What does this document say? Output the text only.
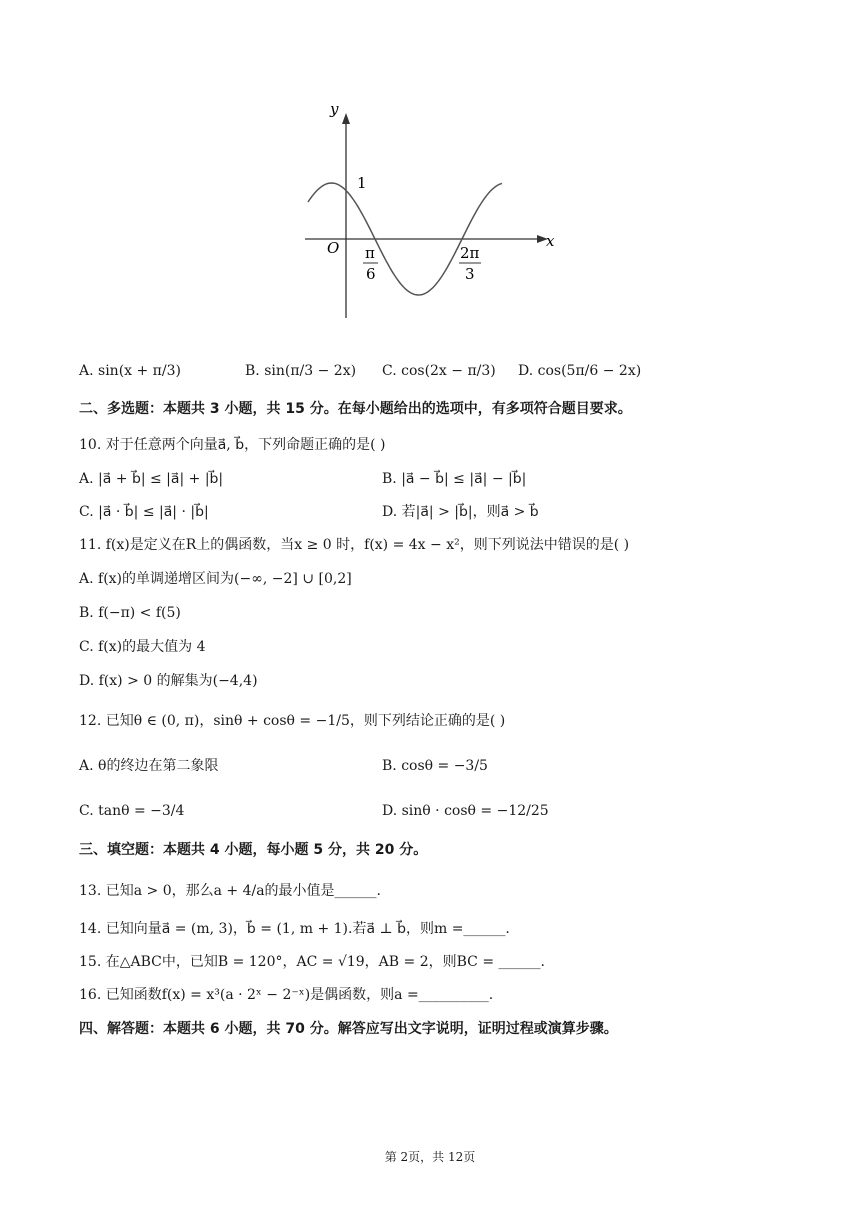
y
x
O
1
π
6
2π
3
A. sin(x + π/3)	B. sin(π/3 − 2x) C. cos(2x − π/3) D. cos(5π/6 − 2x)
二、多选题：本题共 3 小题，共 15 分。在每小题给出的选项中，有多项符合题目要求。
10. 对于任意两个向量a⃗, b⃗，下列命题正确的是( )
A. |a⃗ + b⃗| ≤ |a⃗| + |b⃗|	B. |a⃗ − b⃗| ≤ |a⃗| − |b⃗|
C. |a⃗ · b⃗| ≤ |a⃗| · |b⃗|	D. 若|a⃗| > |b⃗|，则a⃗ > b⃗
11. f(x)是定义在R上的偶函数，当x ≥ 0 时，f(x) = 4x − x²，则下列说法中错误的是( )
A. f(x)的单调递增区间为(−∞, −2] ∪ [0,2]
B. f(−π) < f(5)
C. f(x)的最大值为 4
D. f(x) > 0 的解集为(−4,4)
12. 已知θ ∈ (0, π)，sinθ + cosθ = −1/5，则下列结论正确的是( )
A. θ的终边在第二象限	B. cosθ = −3/5
C. tanθ = −3/4	D. sinθ · cosθ = −12/25
三、填空题：本题共 4 小题，每小题 5 分，共 20 分。
13. 已知a > 0，那么a + 4/a的最小值是______.
14. 已知向量a⃗ = (m, 3)，b⃗ = (1, m + 1).若a⃗ ⊥ b⃗，则m =______.
15. 在△ABC中，已知B = 120°，AC = √19，AB = 2，则BC = ______.
16. 已知函数f(x) = x³(a · 2ˣ − 2⁻ˣ)是偶函数，则a =__________.
四、解答题：本题共 6 小题，共 70 分。解答应写出文字说明，证明过程或演算步骤。
第 2页，共 12页
